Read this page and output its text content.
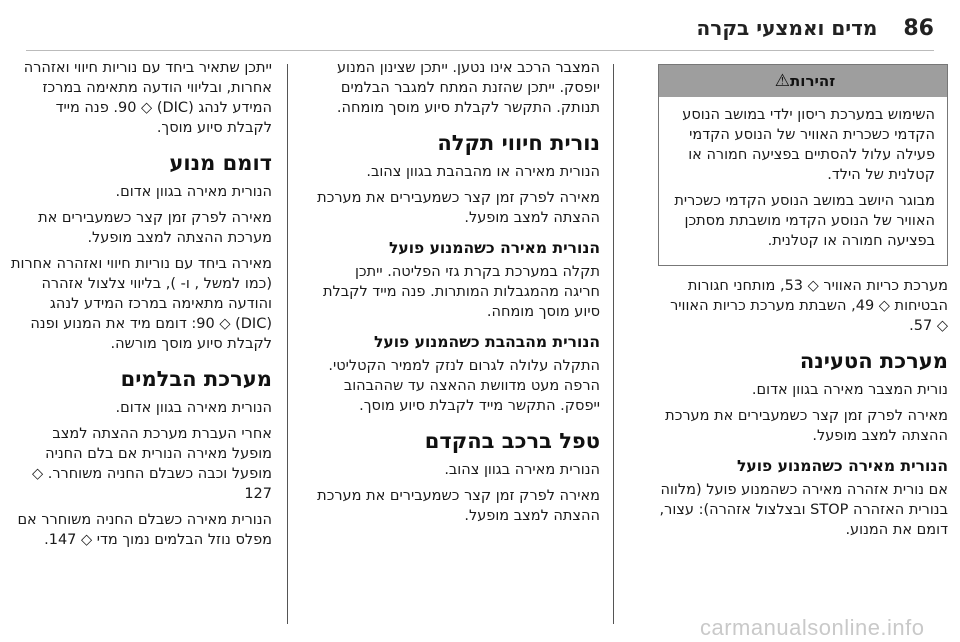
86
מדים ואמצעי בקרה
זהירות⚠

השימוש במערכת ריסון ילדי במושב הנוסע הקדמי כשכרית האוויר של הנוסע הקדמי פעילה עלול להסתיים בפציעה חמורה או קטלנית של הילד.

מבוגר היושב במושב הנוסע הקדמי כשכרית האוויר של הנוסע הקדמי מושבתת מסתכן בפציעה חמורה או קטלנית.

מערכת כריות האוויר ◇ 53, מותחני חגורות הבטיחות ◇ 49, השבתת מערכת כריות האוויר ◇ 57.

מערכת הטעינה

נורית המצבר מאירה בגוון אדום.

מאירה לפרק זמן קצר כשמעבירים את מערכת ההצתה למצב מופעל.

הנורית מאירה כשהמנוע פועל

אם נורית אזהרה מאירה כשהמנוע פועל (מלווה בנורית האזהרה STOP ובצלצול אזהרה): עצור, דומם את המנוע.

המצבר הרכב אינו נטען. ייתכן שצינון המנוע יופסק. ייתכן שהזנת המתח למגבר הבלמים תנותק. התקשר לקבלת סיוע מוסך מומחה.

נורית חיווי תקלה

הנורית מאירה או מהבהבת בגוון צהוב.

מאירה לפרק זמן קצר כשמעבירים את מערכת ההצתה למצב מופעל.

הנורית מאירה כשהמנוע פועל

תקלה במערכת בקרת גזי הפליטה. ייתכן חריגה מהמגבלות המותרות. פנה מייד לקבלת סיוע מוסך מומחה.

הנורית מהבהבת כשהמנוע פועל

התקלה עלולה לגרום לנזק לממיר הקטליטי. הרפה מעט מדוושת ההאצה עד שההבהוב ייפסק. התקשר מייד לקבלת סיוע מוסך.

טפל ברכב בהקדם

הנורית מאירה בגוון צהוב.

מאירה לפרק זמן קצר כשמעבירים את מערכת ההצתה למצב מופעל.

ייתכן שתאיר ביחד עם נוריות חיווי ואזהרה אחרות, ובליווי הודעה מתאימה במרכז המידע לנהג (DIC) ◇ 90. פנה מייד לקבלת סיוע מוסך.

דומם מנוע

הנורית מאירה בגוון אדום.

מאירה לפרק זמן קצר כשמעבירים את מערכת ההצתה למצב מופעל.

מאירה ביחד עם נוריות חיווי ואזהרה אחרות (כמו למשל , ו- ), בליווי צלצול אזהרה והודעה מתאימה במרכז המידע לנהג (DIC) ◇ 90: דומם מיד את המנוע ופנה לקבלת סיוע מוסך מורשה.

מערכת הבלמים

הנורית מאירה בגוון אדום.

אחרי העברת מערכת ההצתה למצב מופעל מאירה הנורית אם בלם החניה מופעל וכבה כשבלם החניה משוחרר. ◇ 127

הנורית מאירה כשבלם החניה משוחרר אם מפלס נוזל הבלמים נמוך מדי ◇ 147.

carmanualsonline.info
